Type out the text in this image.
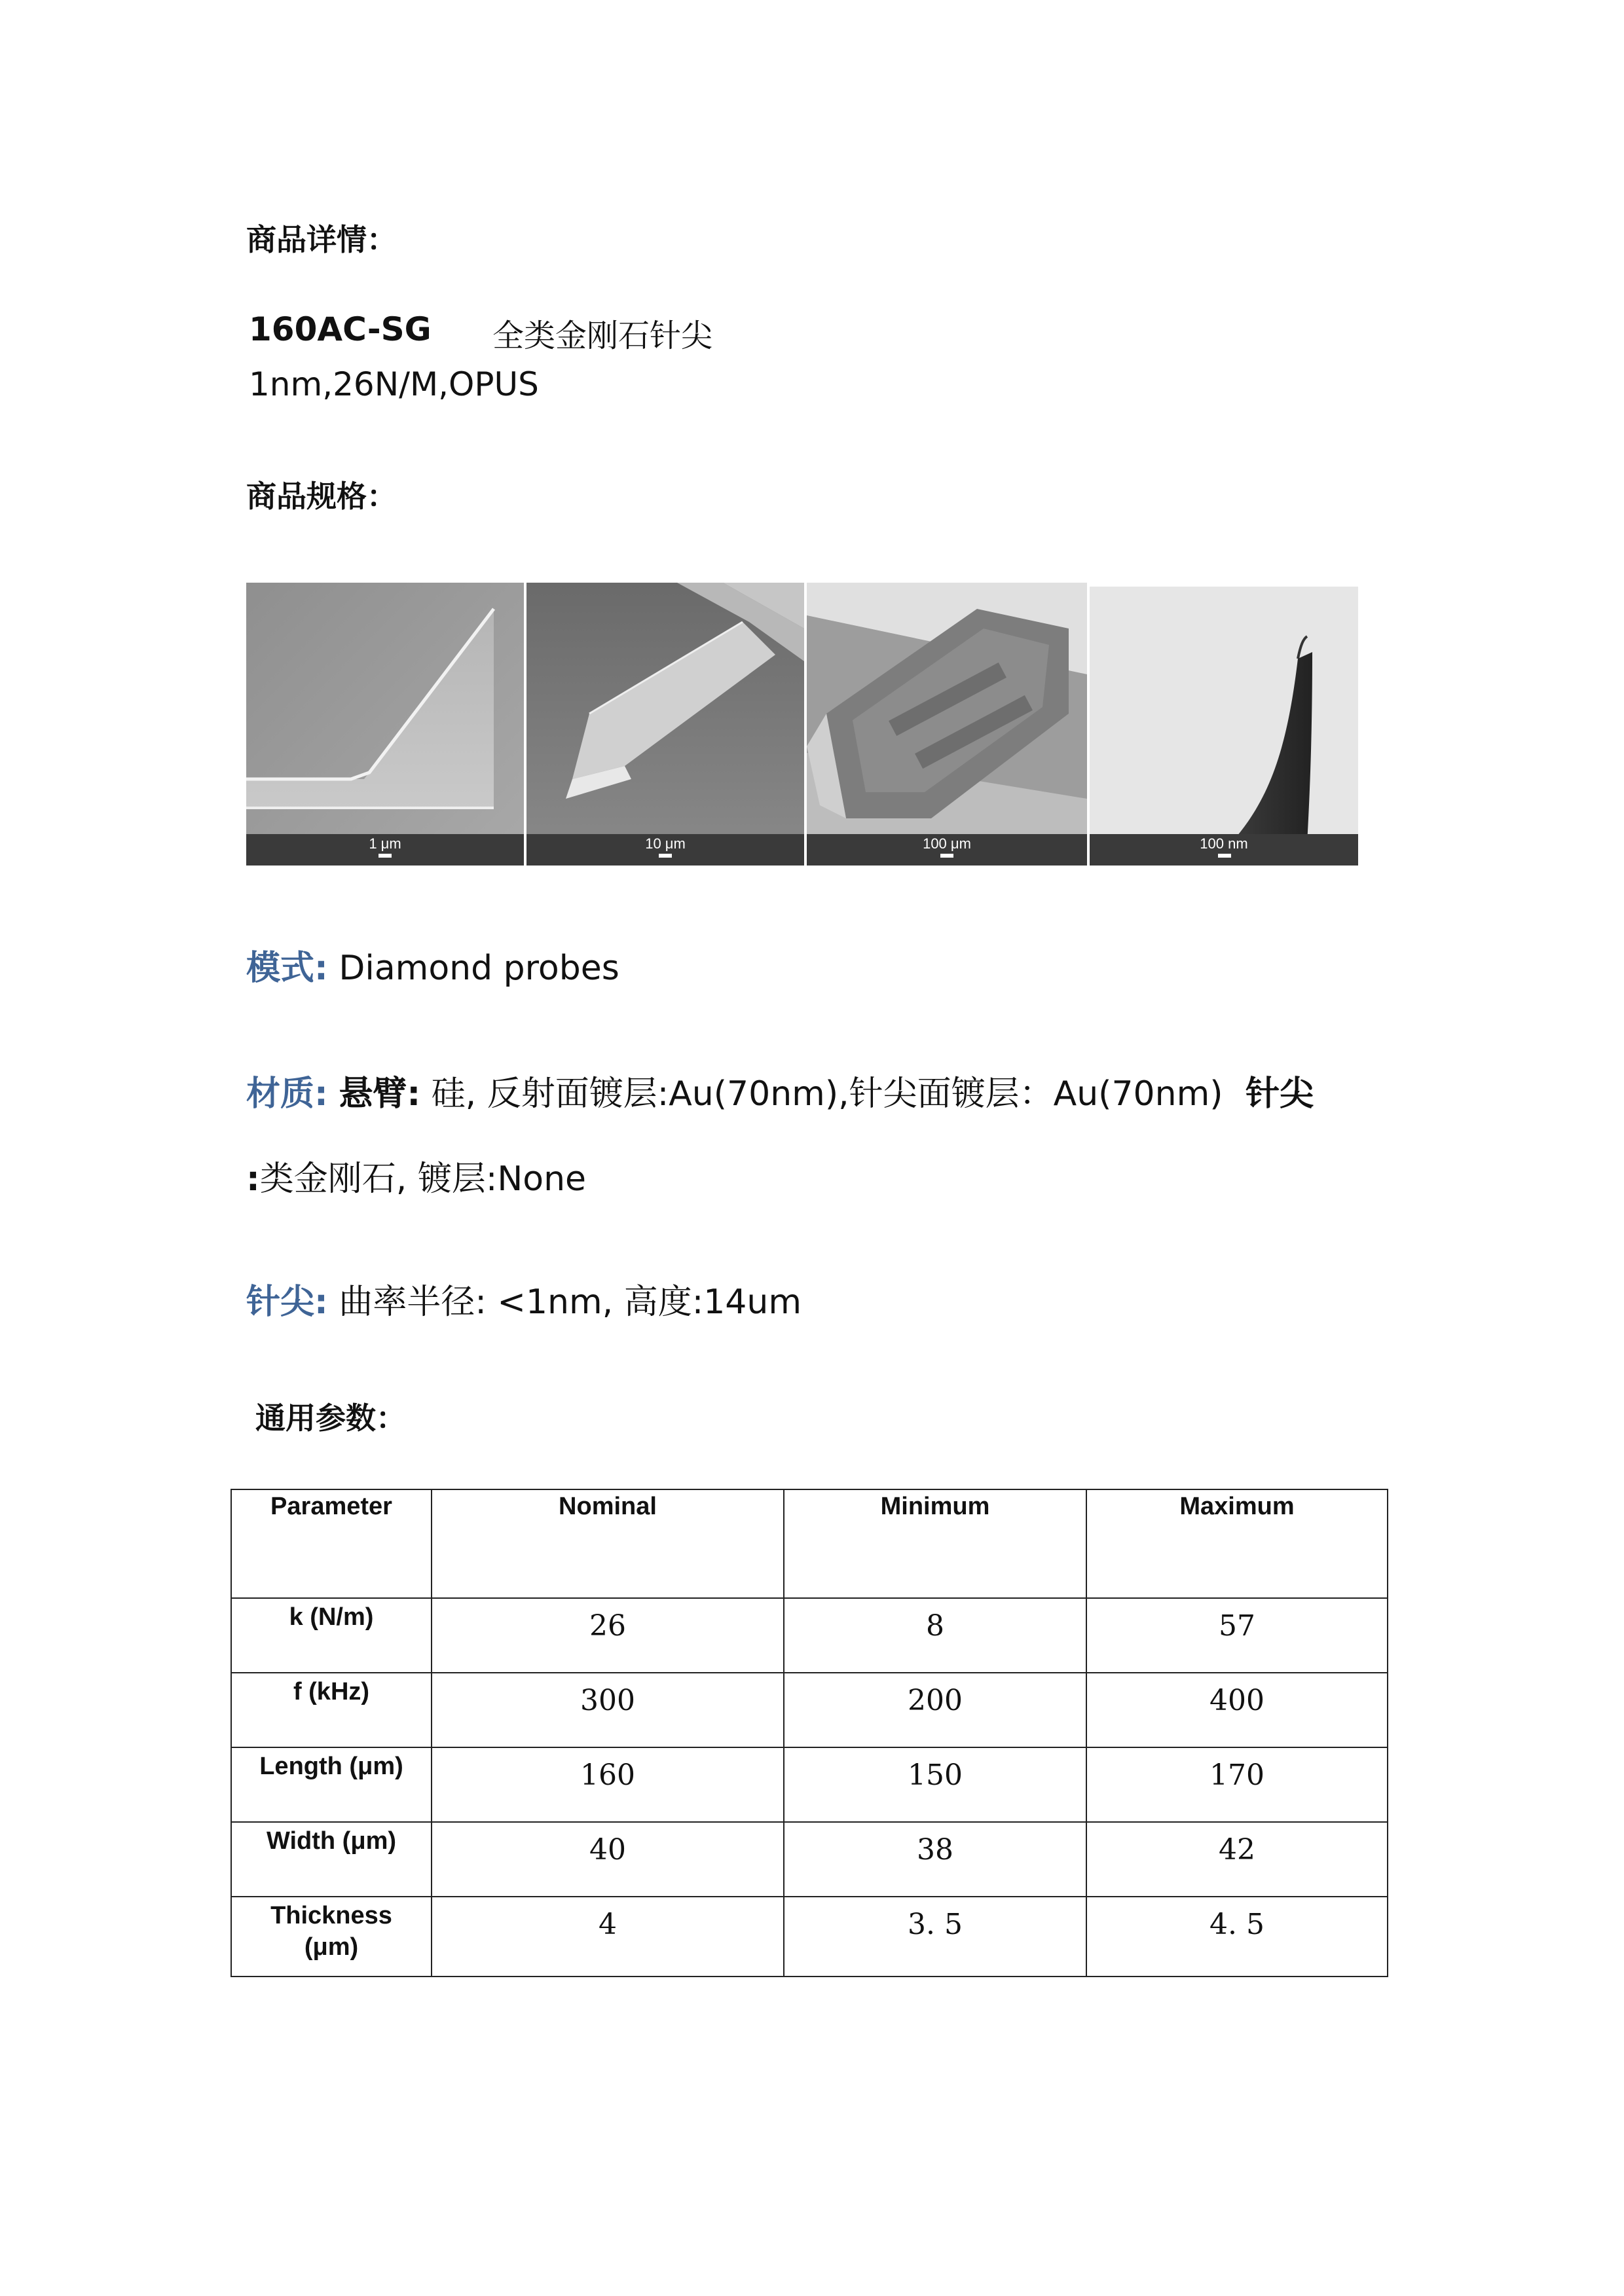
商品详情：
160AC-SG 全类金刚石针尖
1nm,26N/M,OPUS
商品规格：
1 μm	10 μm	100 μm	100 nm
模式: Diamond probes
材质: 悬臂: 硅, 反射面镀层:Au(70nm),针尖面镀层：Au(70nm) 针尖
:类金刚石, 镀层:None
针尖: 曲率半径: <1nm, 高度:14um
通用参数：
Parameter	Nominal	Minimum	Maximum
k (N/m)	26	8	57
f (kHz)	300	200	400
Length (μm)	160	150	170
Width (μm)	40	38	42
Thickness (μm)	4	3. 5	4. 5
